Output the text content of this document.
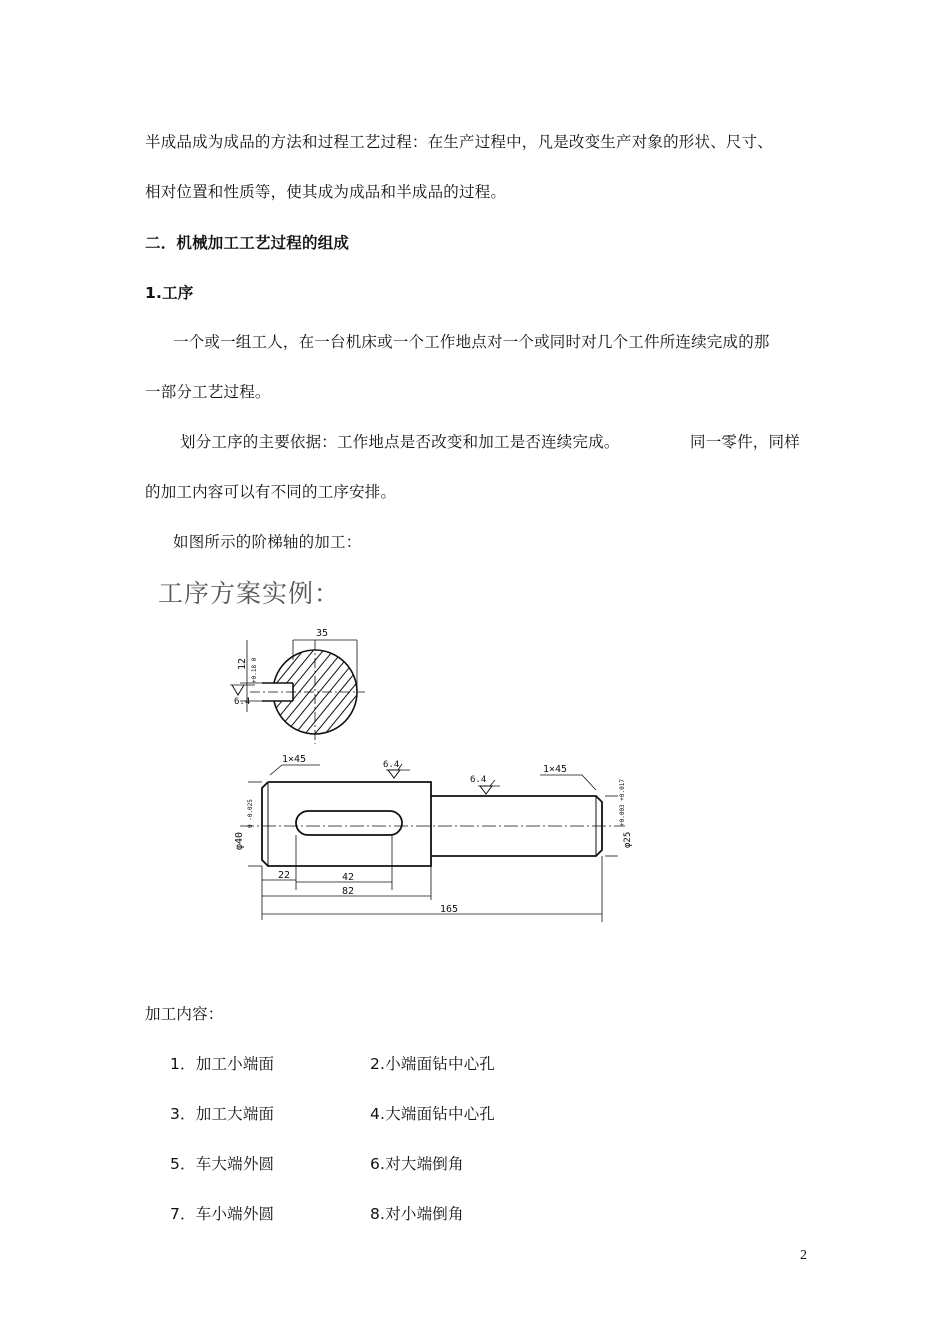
半成品成为成品的方法和过程工艺过程：在生产过程中，凡是改变生产对象的形状、尺寸、
相对位置和性质等，使其成为成品和半成品的过程。
二．机械加工工艺过程的组成
1.工序
一个或一组工人，在一台机床或一个工作地点对一个或同时对几个工件所连续完成的那
一部分工艺过程。
划分工序的主要依据：工作地点是否改变和加工是否连续完成。	同一零件，同样
的加工内容可以有不同的工序安排。
如图所示的阶梯轴的加工：
工序方案实例：
35
12 +0.18 0
6.4
1×45
1×45
6.4
6.4
φ40
0 -0.025
φ25
+0.003 +0.017
22	42
82
165
加工内容：
1．加工小端面	2.小端面钻中心孔
3．加工大端面	4.大端面钻中心孔
5．车大端外圆	6.对大端倒角
7．车小端外圆	8.对小端倒角
2
